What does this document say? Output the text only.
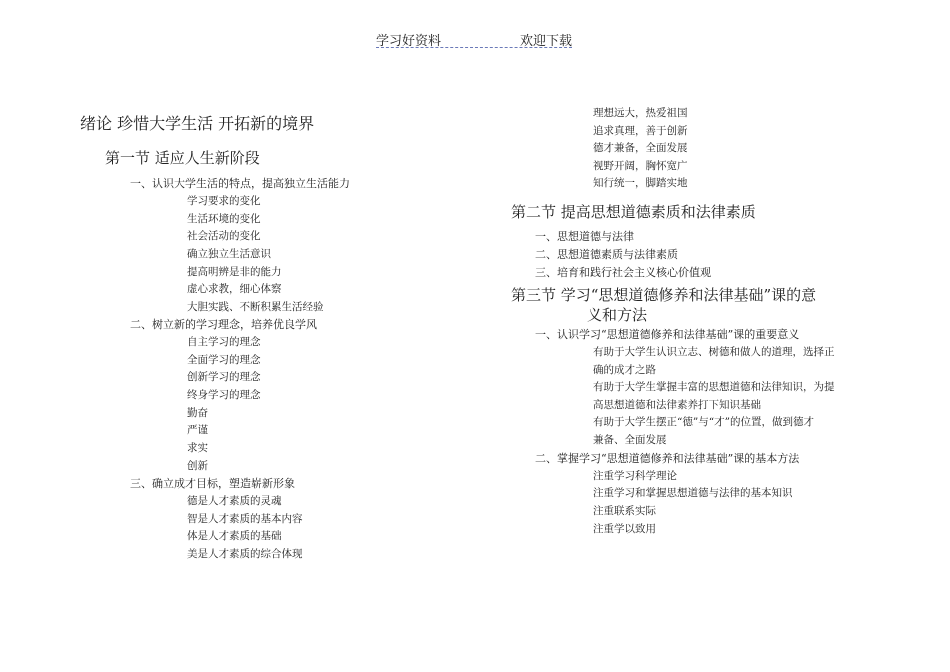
学习好资料	欢迎下载
绪论 珍惜大学生活 开拓新的境界
第一节 适应人生新阶段
一、认识大学生活的特点，提高独立生活能力
学习要求的变化
生活环境的变化
社会活动的变化
确立独立生活意识
提高明辨是非的能力
虚心求教，细心体察
大胆实践、不断积累生活经验
二、树立新的学习理念，培养优良学风
自主学习的理念
全面学习的理念
创新学习的理念
终身学习的理念
勤奋
严谨
求实
创新
三、确立成才目标，塑造崭新形象
德是人才素质的灵魂
智是人才素质的基本内容
体是人才素质的基础
美是人才素质的综合体现
理想远大，热爱祖国
追求真理，善于创新
德才兼备，全面发展
视野开阔，胸怀宽广
知行统一，脚踏实地
第二节 提高思想道德素质和法律素质
一、思想道德与法律
二、思想道德素质与法律素质
三、培育和践行社会主义核心价值观
第三节 学习“思想道德修养和法律基础”课的意
义和方法
一、认识学习“思想道德修养和法律基础”课的重要意义
有助于大学生认识立志、树德和做人的道理，选择正
确的成才之路
有助于大学生掌握丰富的思想道德和法律知识，为提
高思想道德和法律素养打下知识基础
有助于大学生摆正“德”与“才”的位置，做到德才
兼备、全面发展
二、掌握学习“思想道德修养和法律基础”课的基本方法
注重学习科学理论
注重学习和掌握思想道德与法律的基本知识
注重联系实际
注重学以致用
